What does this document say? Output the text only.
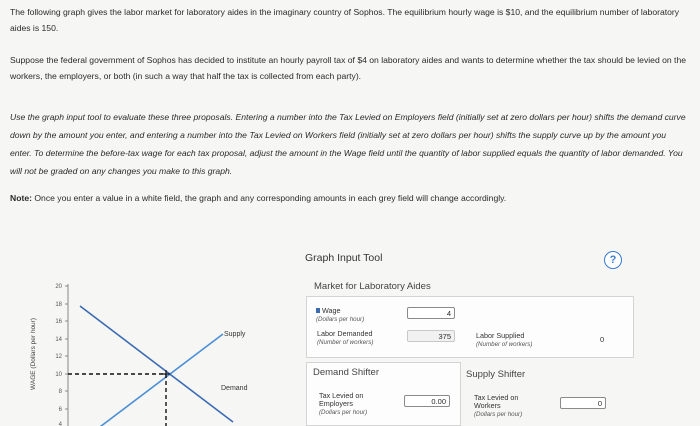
The following graph gives the labor market for laboratory aides in the imaginary country of Sophos. The equilibrium hourly wage is $10, and the equilibrium number of laboratory aides is 150.

Suppose the federal government of Sophos has decided to institute an hourly payroll tax of $4 on laboratory aides and wants to determine whether the tax should be levied on the workers, the employers, or both (in such a way that half the tax is collected from each party).

Use the graph input tool to evaluate these three proposals. Entering a number into the Tax Levied on Employers field (initially set at zero dollars per hour) shifts the demand curve down by the amount you enter, and entering a number into the Tax Levied on Workers field (initially set at zero dollars per hour) shifts the supply curve up by the amount you enter. To determine the before-tax wage for each tax proposal, adjust the amount in the Wage field until the quantity of labor supplied equals the quantity of labor demanded. You will not be graded on any changes you make to this graph.

Note: Once you enter a value in a white field, the graph and any corresponding amounts in each grey field will change accordingly.

WAGE (Dollars per hour)
20
18
16
14
12
10
8
6
4
Supply
Demand
Graph Input Tool	?
Market for Laboratory Aides
Wage
(Dollars per hour)
4
Labor Demanded
(Number of workers)
375	Labor Supplied
(Number of workers)
0
Demand Shifter
Tax Levied on
Employers
(Dollars per hour)
0.00
Supply Shifter
Tax Levied on
Workers
(Dollars per hour)
0
